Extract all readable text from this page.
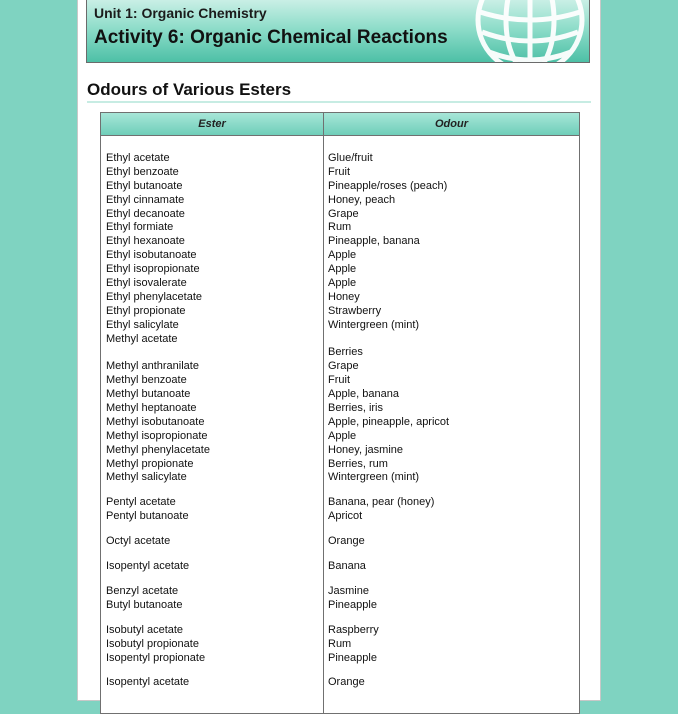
Unit 1: Organic Chemistry
Activity 6: Organic Chemical Reactions
Odours of Various Esters
Ester	Odour
Ethyl acetate
Ethyl benzoate
Ethyl butanoate
Ethyl cinnamate
Ethyl decanoate
Ethyl formiate
Ethyl hexanoate
Ethyl isobutanoate
Ethyl isopropionate
Ethyl isovalerate
Ethyl phenylacetate
Ethyl propionate
Ethyl salicylate
Methyl acetate
Methyl anthranilate
Methyl benzoate
Methyl butanoate
Methyl heptanoate
Methyl isobutanoate
Methyl isopropionate
Methyl phenylacetate
Methyl propionate
Methyl salicylate
Pentyl acetate
Pentyl butanoate
Octyl acetate
Isopentyl acetate
Benzyl acetate
Butyl butanoate
Isobutyl acetate
Isobutyl propionate
Isopentyl propionate
Isopentyl acetate
Glue/fruit
Fruit
Pineapple/roses (peach)
Honey, peach
Grape
Rum
Pineapple, banana
Apple
Apple
Apple
Honey
Strawberry
Wintergreen (mint)
Berries
Grape
Fruit
Apple, banana
Berries, iris
Apple, pineapple, apricot
Apple
Honey, jasmine
Berries, rum
Wintergreen (mint)
Banana, pear (honey)
Apricot
Orange
Banana
Jasmine
Pineapple
Raspberry
Rum
Pineapple
Orange
